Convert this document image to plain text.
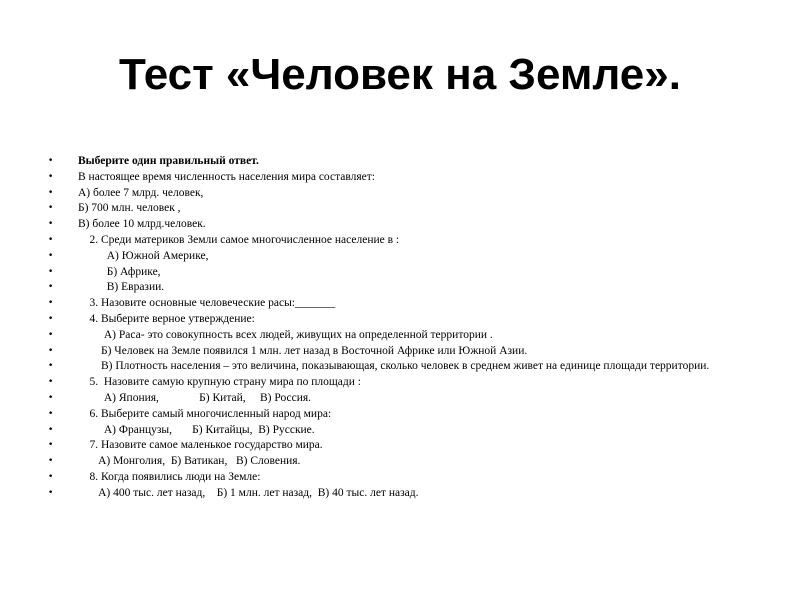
Тест «Человек на Земле».
• Выберите один правильный ответ.
• В настоящее время численность населения мира составляет:
• А) более 7 млрд. человек,
• Б) 700 млн. человек ,
• В) более 10 млрд.человек.
• 2. Среди материков Земли самое многочисленное население в :
• А) Южной Америке,
• Б) Африке,
• В) Евразии.
• 3. Назовите основные человеческие расы:_______
• 4. Выберите верное утверждение:
• А) Раса- это совокупность всех людей, живущих на определенной территории .
• Б) Человек на Земле появился 1 млн. лет назад в Восточной Африке или Южной Азии.
• В) Плотность населения – это величина, показывающая, сколько человек в среднем живет на единице площади территории.
• 5.  Назовите самую крупную страну мира по площади :
• А) Япония,              Б) Китай,     В) Россия.
• 6. Выберите самый многочисленный народ мира:
• А) Французы,       Б) Китайцы,  В) Русские.
• 7. Назовите самое маленькое государство мира.
• А) Монголия,  Б) Ватикан,   В) Словения.
• 8. Когда появились люди на Земле:
• А) 400 тыс. лет назад,    Б) 1 млн. лет назад,  В) 40 тыс. лет назад.
